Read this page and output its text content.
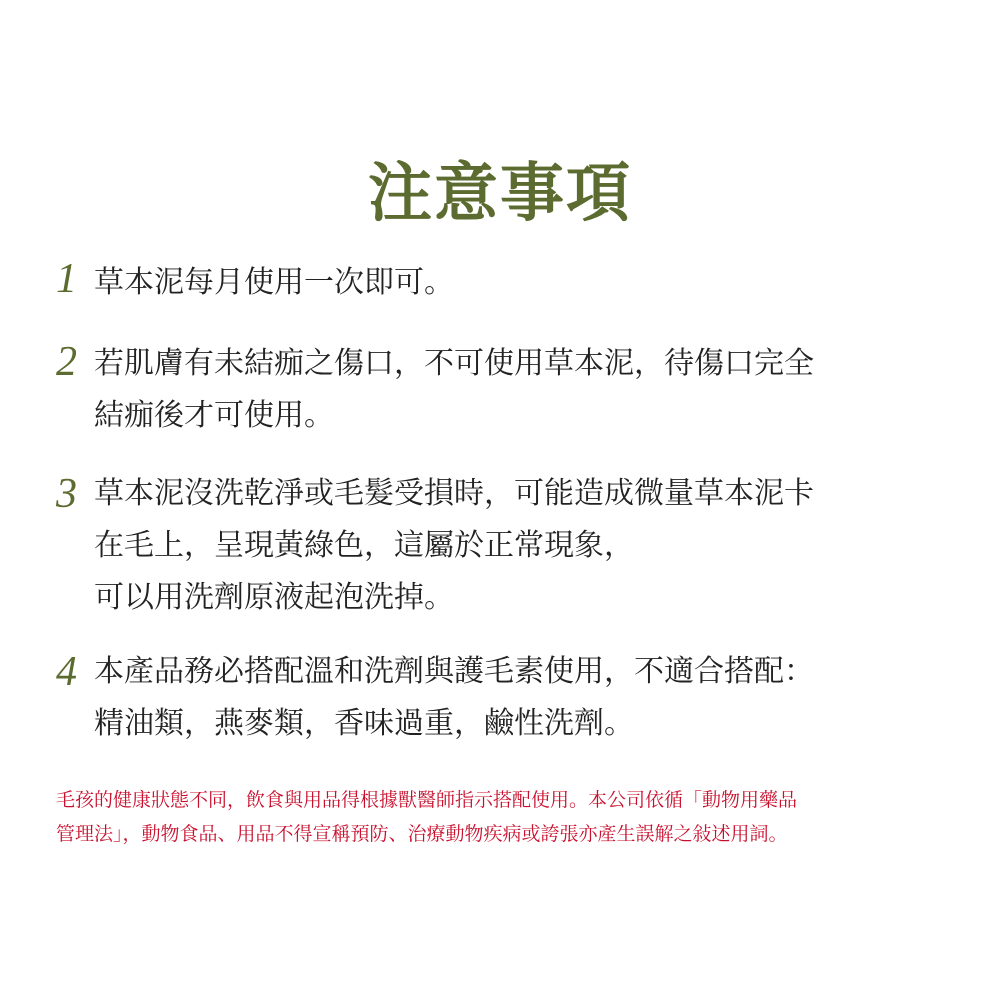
注意事項
1 草本泥每月使用一次即可。
2 若肌膚有未結痂之傷口，不可使用草本泥，待傷口完全
結痂後才可使用。
3 草本泥沒洗乾淨或毛髮受損時，可能造成微量草本泥卡
在毛上，呈現黃綠色，這屬於正常現象，
可以用洗劑原液起泡洗掉。
4 本產品務必搭配溫和洗劑與護毛素使用，不適合搭配：
精油類，燕麥類，香味過重，鹼性洗劑。
毛孩的健康狀態不同，飲食與用品得根據獸醫師指示搭配使用。本公司依循「動物用藥品
管理法」，動物食品、用品不得宣稱預防、治療動物疾病或誇張亦產生誤解之敍述用詞。
